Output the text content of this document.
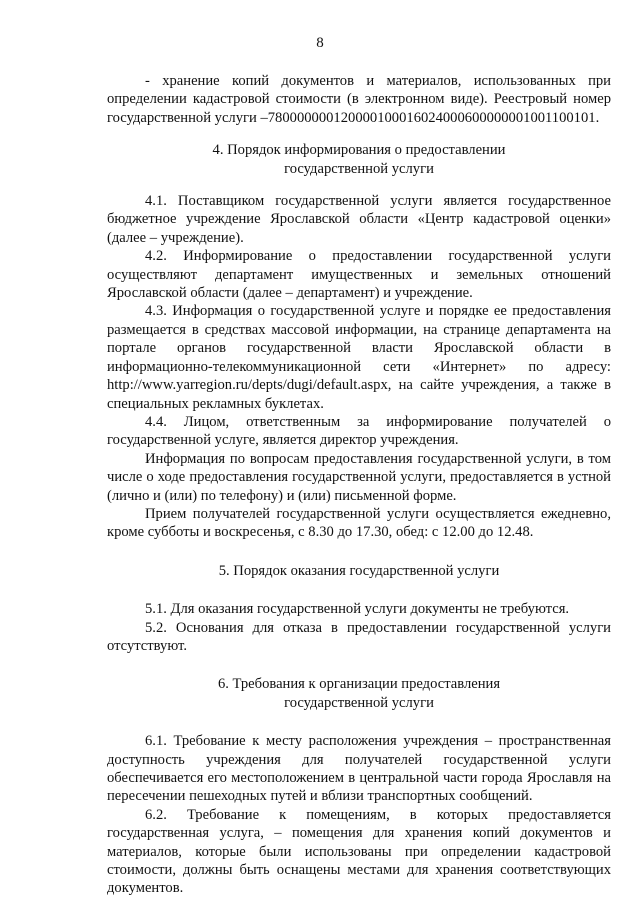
8

- хранение копий документов и материалов, использованных при определении кадастровой стоимости (в электронном виде). Реестровый номер государственной услуги –780000000120000100016024000600000001001100101.

4. Порядок информирования о предоставлении
государственной услуги

4.1. Поставщиком государственной услуги является государственное бюджетное учреждение Ярославской области «Центр кадастровой оценки» (далее – учреждение).

4.2. Информирование о предоставлении государственной услуги осуществляют департамент имущественных и земельных отношений Ярославской области (далее – департамент) и учреждение.

4.3. Информация о государственной услуге и порядке ее предоставления размещается в средствах массовой информации, на странице департамента на портале органов государственной власти Ярославской области в информационно-телекоммуникационной сети «Интернет» по адресу: http://www.yarregion.ru/depts/dugi/default.aspx, на сайте учреждения, а также в специальных рекламных буклетах.

4.4. Лицом, ответственным за информирование получателей о государственной услуге, является директор учреждения.

Информация по вопросам предоставления государственной услуги, в том числе о ходе предоставления государственной услуги, предоставляется в устной (лично и (или) по телефону) и (или) письменной форме.

Прием получателей государственной услуги осуществляется ежедневно, кроме субботы и воскресенья, с 8.30 до 17.30, обед: с 12.00 до 12.48.

5. Порядок оказания государственной услуги

5.1. Для оказания государственной услуги документы не требуются.

5.2. Основания для отказа в предоставлении государственной услуги отсутствуют.

6. Требования к организации предоставления
государственной услуги

6.1. Требование к месту расположения учреждения – пространственная доступность учреждения для получателей государственной услуги обеспечивается его местоположением в центральной части города Ярославля на пересечении пешеходных путей и вблизи транспортных сообщений.

6.2. Требование к помещениям, в которых предоставляется государственная услуга, – помещения для хранения копий документов и материалов, которые были использованы при определении кадастровой стоимости, должны быть оснащены местами для хранения соответствующих документов.
